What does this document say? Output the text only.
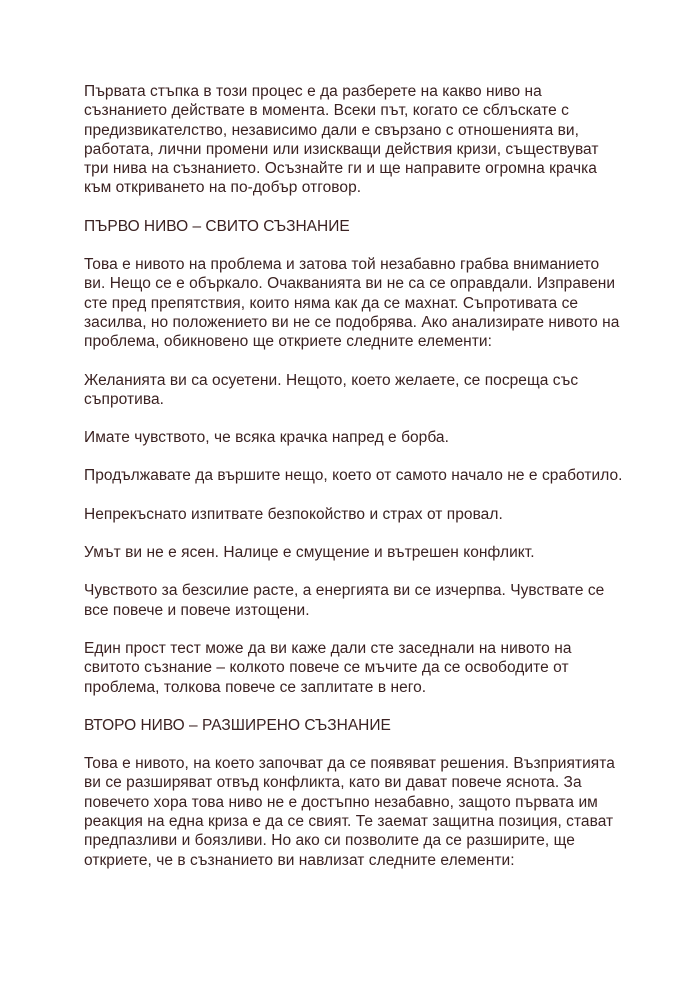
Първата стъпка в този процес е да разберете на какво ниво на съзнанието действате в момента. Всеки път, когато се сблъскате с предизвикателство, независимо дали е свързано с отношенията ви, работата, лични промени или изискващи действия кризи, съществуват три нива на съзнанието. Осъзнайте ги и ще направите огромна крачка към откриването на по-добър отговор.

ПЪРВО НИВО – СВИТО СЪЗНАНИЕ

Това е нивото на проблема и затова той незабавно грабва вниманието ви. Нещо се е объркало. Очакванията ви не са се оправдали. Изправени сте пред препятствия, които няма как да се махнат. Съпротивата се засилва, но положението ви не се подобрява. Ако анализирате нивото на проблема, обикновено ще откриете следните елементи:

Желанията ви са осуетени. Нещото, което желаете, се посреща със съпротива.

Имате чувството, че всяка крачка напред е борба.

Продължавате да вършите нещо, което от самото начало не е сработило.

Непрекъснато изпитвате безпокойство и страх от провал.

Умът ви не е ясен. Налице е смущение и вътрешен конфликт.

Чувството за безсилие расте, а енергията ви се изчерпва. Чувствате се все повече и повече изтощени.

Един прост тест може да ви каже дали сте заседнали на нивото на свитото съзнание – колкото повече се мъчите да се освободите от проблема, толкова повече се заплитате в него.

ВТОРО НИВО – РАЗШИРЕНО СЪЗНАНИЕ

Това е нивото, на което започват да се появяват решения. Възприятията ви се разширяват отвъд конфликта, като ви дават повече яснота. За повечето хора това ниво не е достъпно незабавно, защото първата им реакция на една криза е да се свият. Те заемат защитна позиция, стават предпазливи и боязливи. Но ако си позволите да се разширите, ще откриете, че в съзнанието ви навлизат следните елементи:
